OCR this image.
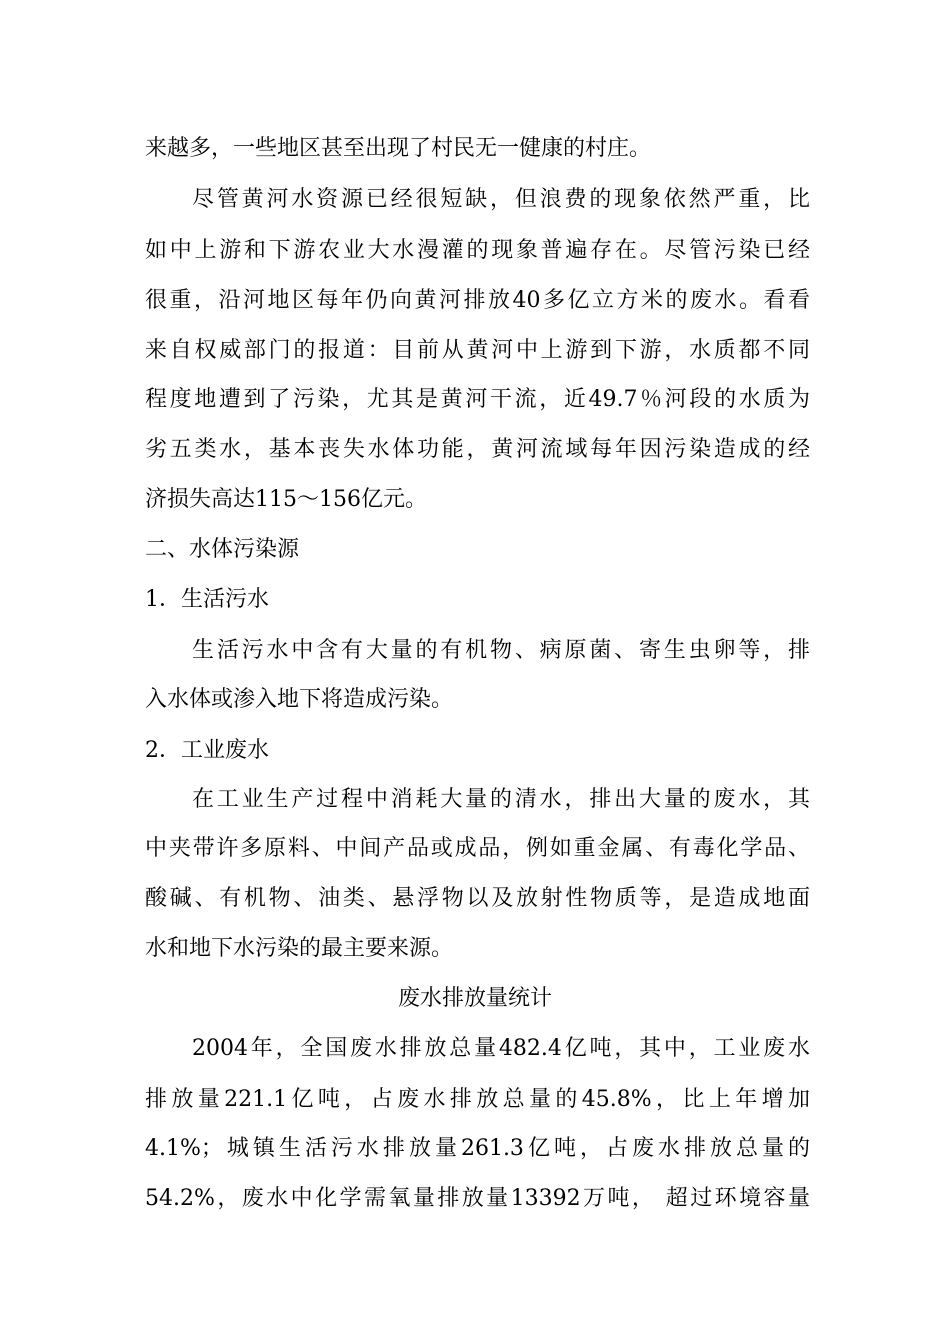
来越多，一些地区甚至出现了村民无一健康的村庄。
尽管黄河水资源已经很短缺，但浪费的现象依然严重，比
如中上游和下游农业大水漫灌的现象普遍存在。尽管污染已经
很重，沿河地区每年仍向黄河排放40多亿立方米的废水。看看
来自权威部门的报道：目前从黄河中上游到下游，水质都不同
程度地遭到了污染，尤其是黄河干流，近49.7％河段的水质为
劣五类水，基本丧失水体功能，黄河流域每年因污染造成的经
济损失高达115～156亿元。
二、水体污染源
1．生活污水
生活污水中含有大量的有机物、病原菌、寄生虫卵等，排
入水体或渗入地下将造成污染。
2．工业废水
在工业生产过程中消耗大量的清水，排出大量的废水，其
中夹带许多原料、中间产品或成品，例如重金属、有毒化学品、
酸碱、有机物、油类、悬浮物以及放射性物质等，是造成地面
水和地下水污染的最主要来源。
废水排放量统计
2004年，全国废水排放总量482.4亿吨，其中，工业废水
排放量221.1亿吨，占废水排放总量的45.8%，比上年增加
4.1%；城镇生活污水排放量261.3亿吨，占废水排放总量的
54.2%，废水中化学需氧量排放量13392万吨， 超过环境容量
